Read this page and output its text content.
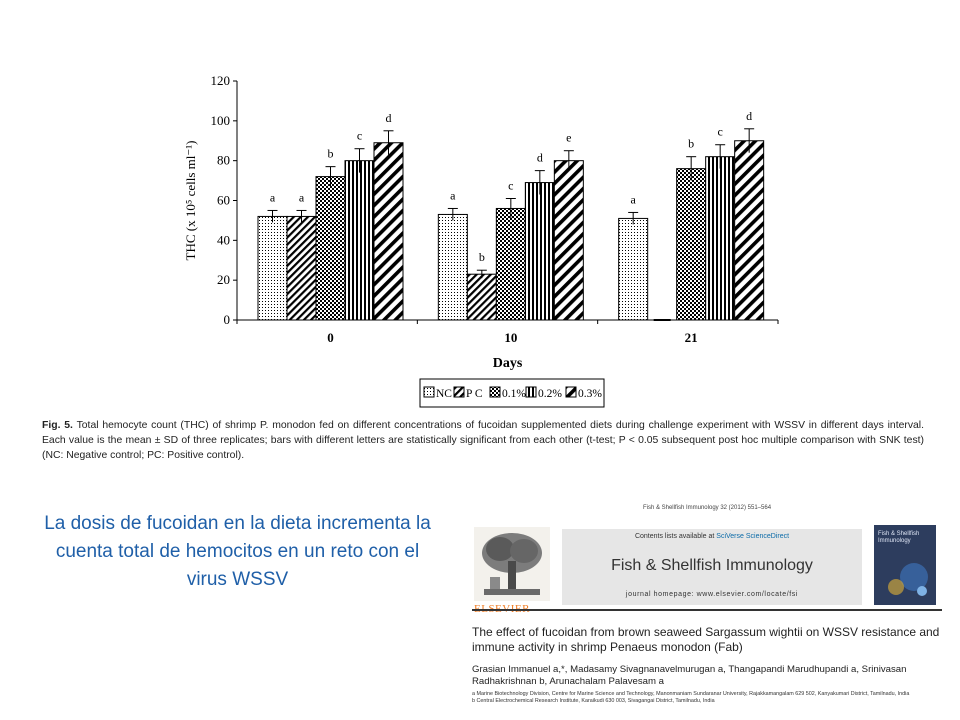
0
20
40
60
80
100
120
THC (x 10⁵ cells ml⁻¹)
Days
0	10	21
a a
b
c
d
a
b
c
d
e
a
b
c
d
NC P C 0.1% 0.2% 0.3%
Fig. 5. Total hemocyte count (THC) of shrimp P. monodon fed on different concentrations of fucoidan supplemented diets during challenge experiment with WSSV in different days interval. Each value is the mean ± SD of three replicates; bars with different letters are statistically significant from each other (t-test; P < 0.05 subsequent post hoc multiple comparison with SNK test) (NC: Negative control; PC: Positive control).
La dosis de fucoidan en la dieta incrementa la cuenta total de hemocitos en un reto con el virus WSSV
Fish & Shellfish Immunology 32 (2012) 551–564
Contents lists available at SciVerse ScienceDirect
Fish & Shellfish Immunology
journal homepage: www.elsevier.com/locate/fsi
Fish & Shellfish Immunology
The effect of fucoidan from brown seaweed Sargassum wightii on WSSV resistance and immune activity in shrimp Penaeus monodon (Fab)
Grasian Immanuel a,*, Madasamy Sivagnanavelmurugan a, Thangapandi Marudhupandi a, Srinivasan Radhakrishnan b, Arunachalam Palavesam a
a Marine Biotechnology Division, Centre for Marine Science and Technology, Manonmaniam Sundaranar University, Rajakkamangalam 629 502, Kanyakumari District, Tamilnadu, India
b Central Electrochemical Research Institute, Karaikudi 630 003, Sivagangai District, Tamilnadu, India
